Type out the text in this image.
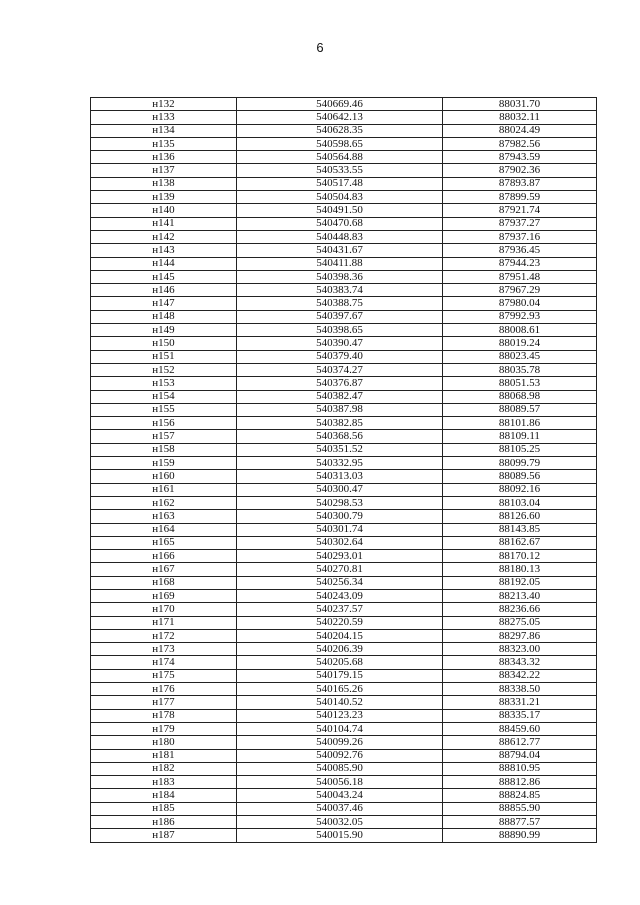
6
н132	540669.46	88031.70
н133	540642.13	88032.11
н134	540628.35	88024.49
н135	540598.65	87982.56
н136	540564.88	87943.59
н137	540533.55	87902.36
н138	540517.48	87893.87
н139	540504.83	87899.59
н140	540491.50	87921.74
н141	540470.68	87937.27
н142	540448.83	87937.16
н143	540431.67	87936.45
н144	540411.88	87944.23
н145	540398.36	87951.48
н146	540383.74	87967.29
н147	540388.75	87980.04
н148	540397.67	87992.93
н149	540398.65	88008.61
н150	540390.47	88019.24
н151	540379.40	88023.45
н152	540374.27	88035.78
н153	540376.87	88051.53
н154	540382.47	88068.98
н155	540387.98	88089.57
н156	540382.85	88101.86
н157	540368.56	88109.11
н158	540351.52	88105.25
н159	540332.95	88099.79
н160	540313.03	88089.56
н161	540300.47	88092.16
н162	540298.53	88103.04
н163	540300.79	88126.60
н164	540301.74	88143.85
н165	540302.64	88162.67
н166	540293.01	88170.12
н167	540270.81	88180.13
н168	540256.34	88192.05
н169	540243.09	88213.40
н170	540237.57	88236.66
н171	540220.59	88275.05
н172	540204.15	88297.86
н173	540206.39	88323.00
н174	540205.68	88343.32
н175	540179.15	88342.22
н176	540165.26	88338.50
н177	540140.52	88331.21
н178	540123.23	88335.17
н179	540104.74	88459.60
н180	540099.26	88612.77
н181	540092.76	88794.04
н182	540085.90	88810.95
н183	540056.18	88812.86
н184	540043.24	88824.85
н185	540037.46	88855.90
н186	540032.05	88877.57
н187	540015.90	88890.99
